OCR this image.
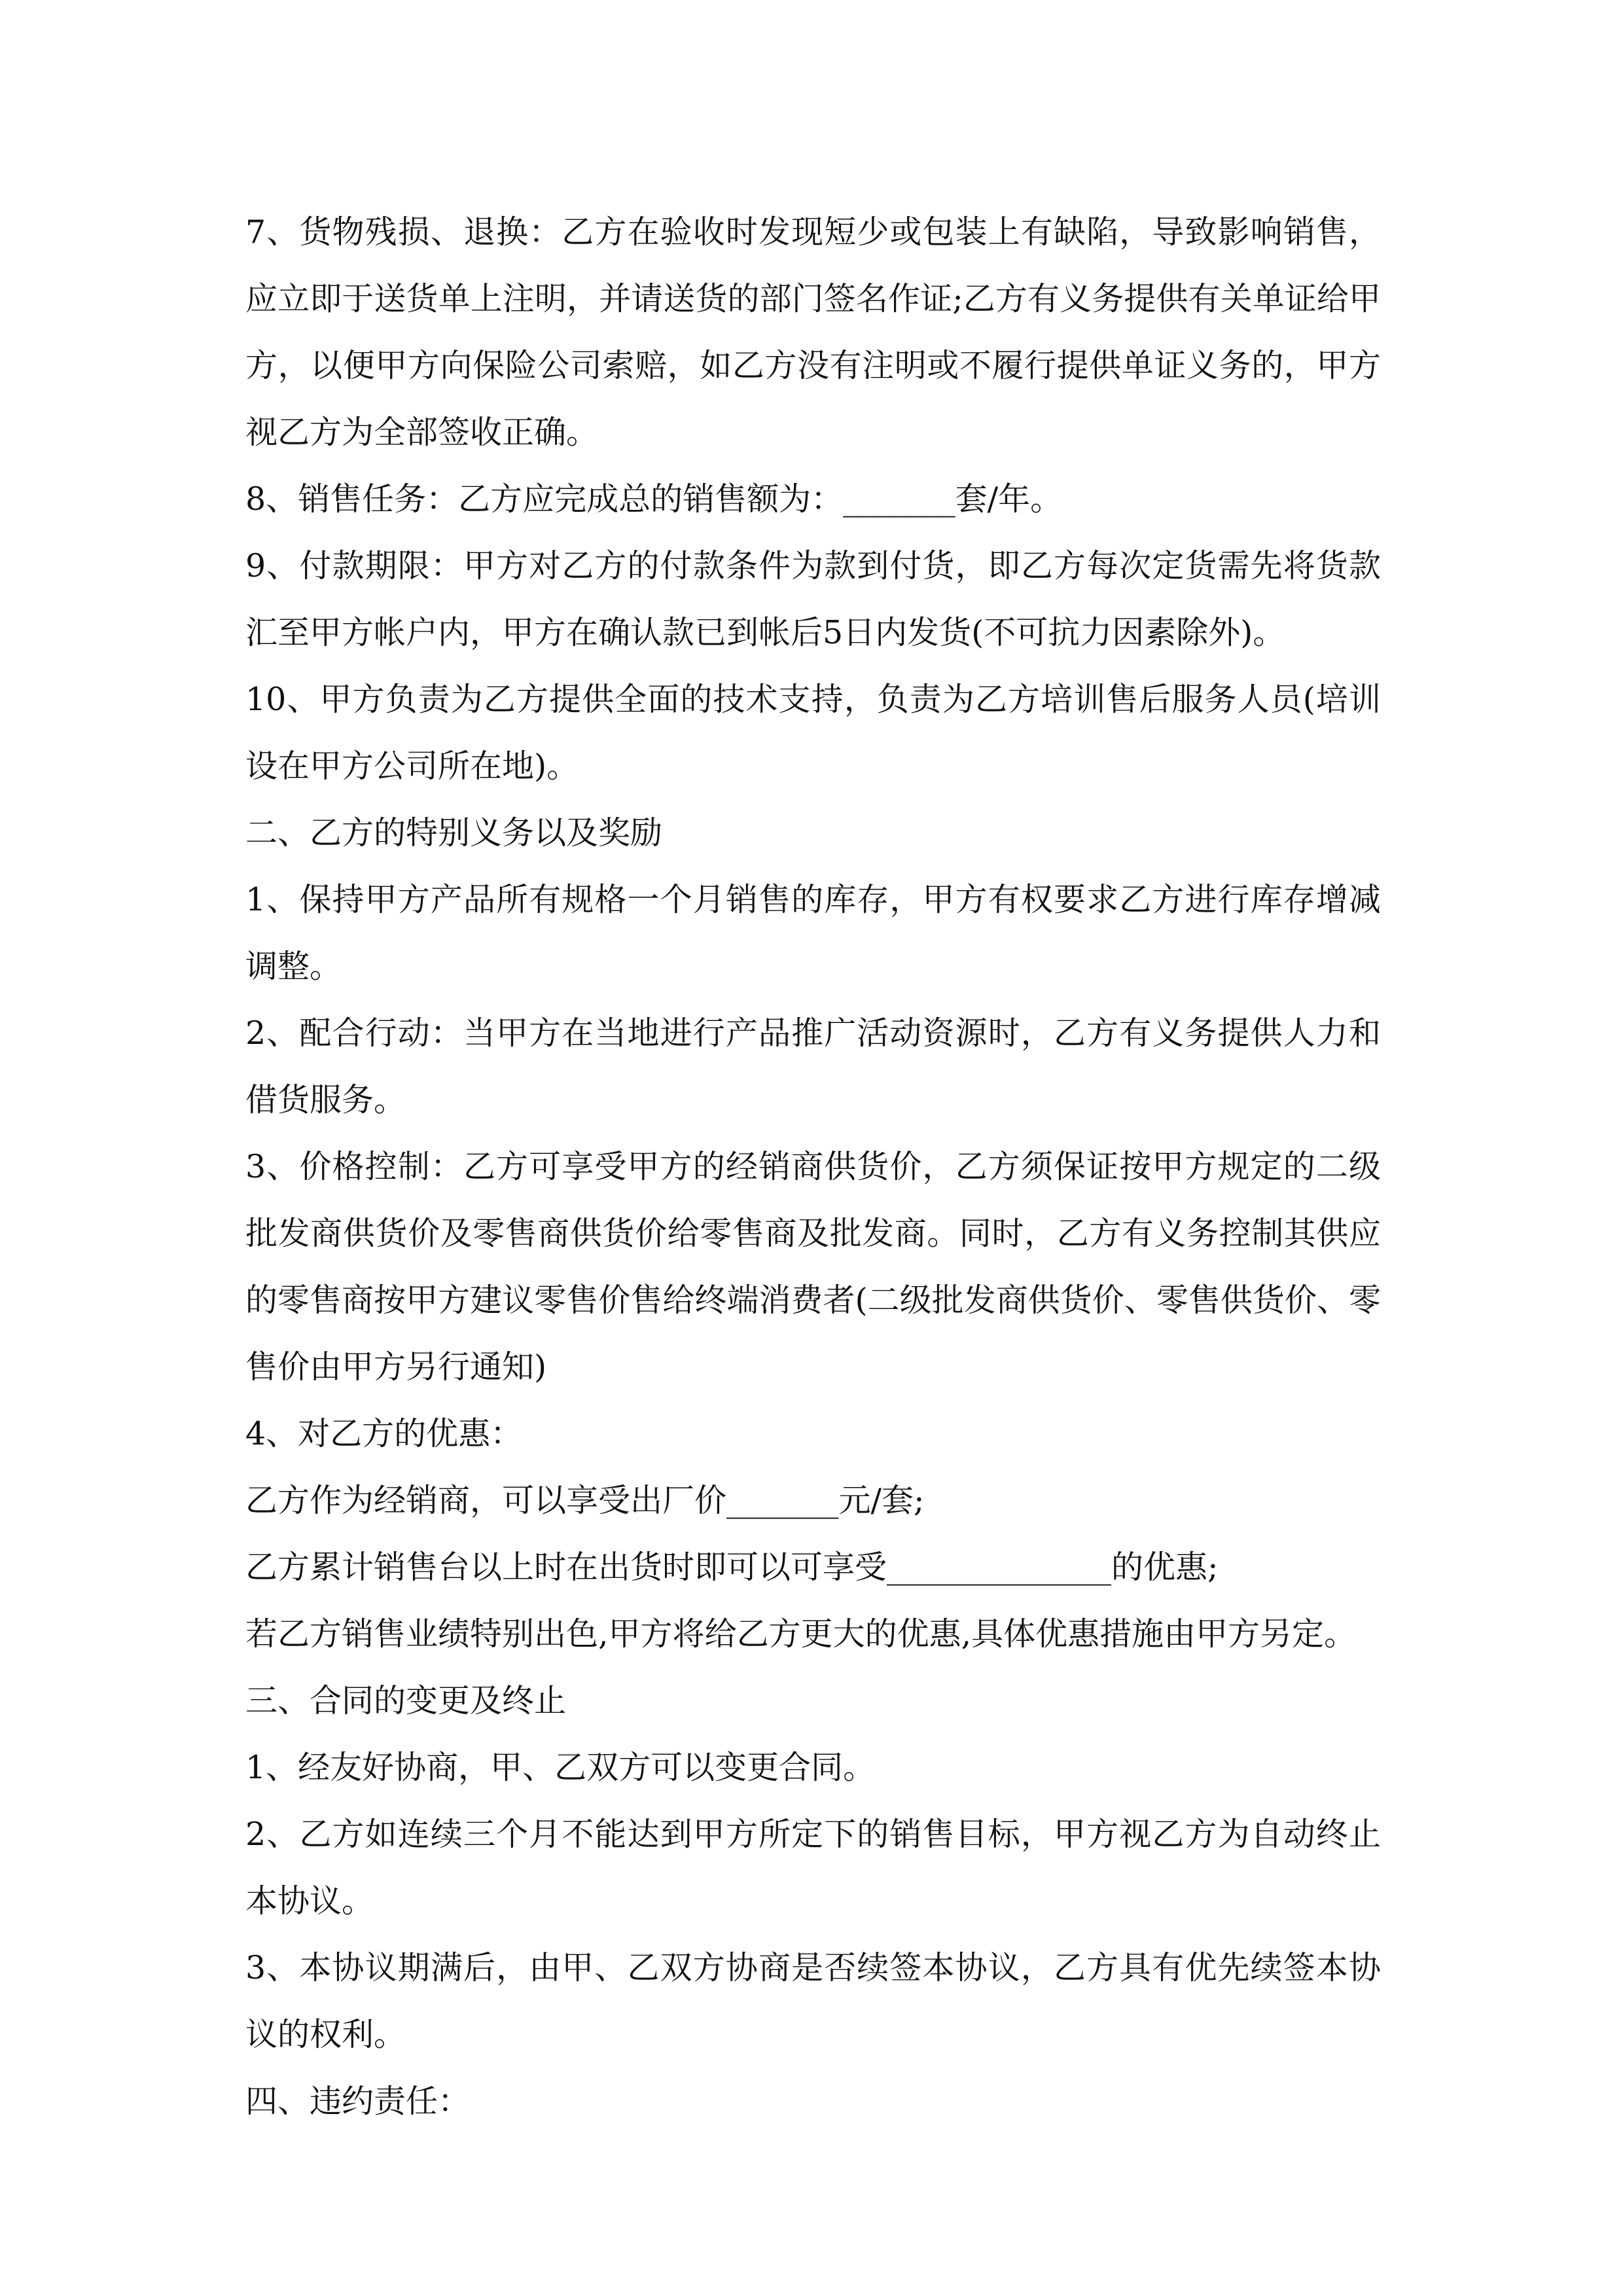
7、货物残损、退换：乙方在验收时发现短少或包装上有缺陷，导致影响销售，应立即于送货单上注明，并请送货的部门签名作证;乙方有义务提供有关单证给甲方，以便甲方向保险公司索赔，如乙方没有注明或不履行提供单证义务的，甲方视乙方为全部签收正确。

8、销售任务：乙方应完成总的销售额为：_______套/年。

9、付款期限：甲方对乙方的付款条件为款到付货，即乙方每次定货需先将货款汇至甲方帐户内，甲方在确认款已到帐后5日内发货(不可抗力因素除外)。

10、甲方负责为乙方提供全面的技术支持，负责为乙方培训售后服务人员(培训设在甲方公司所在地)。

二、乙方的特别义务以及奖励

1、保持甲方产品所有规格一个月销售的库存，甲方有权要求乙方进行库存增减调整。

2、配合行动：当甲方在当地进行产品推广活动资源时，乙方有义务提供人力和借货服务。

3、价格控制：乙方可享受甲方的经销商供货价，乙方须保证按甲方规定的二级批发商供货价及零售商供货价给零售商及批发商。同时，乙方有义务控制其供应的零售商按甲方建议零售价售给终端消费者(二级批发商供货价、零售供货价、零售价由甲方另行通知)

4、对乙方的优惠：

乙方作为经销商，可以享受出厂价_______元/套;

乙方累计销售台以上时在出货时即可以可享受______________的优惠;

若乙方销售业绩特别出色,甲方将给乙方更大的优惠,具体优惠措施由甲方另定。

三、合同的变更及终止

1、经友好协商，甲、乙双方可以变更合同。

2、乙方如连续三个月不能达到甲方所定下的销售目标，甲方视乙方为自动终止本协议。

3、本协议期满后，由甲、乙双方协商是否续签本协议，乙方具有优先续签本协议的权利。

四、违约责任：
